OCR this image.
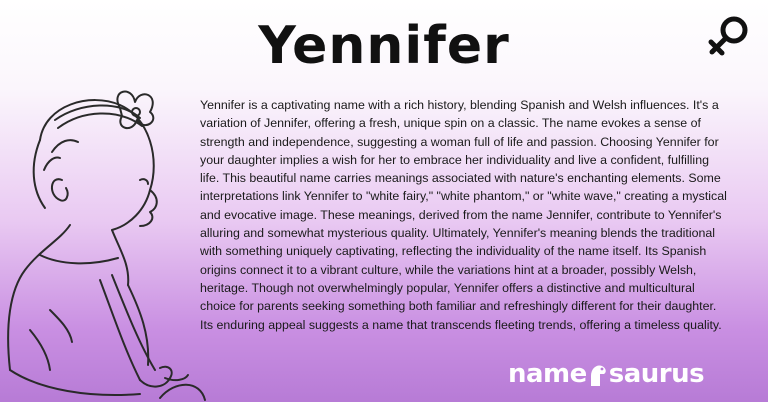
Yennifer

Yennifer is a captivating name with a rich history, blending Spanish and Welsh influences. It's a variation of Jennifer, offering a fresh, unique spin on a classic. The name evokes a sense of strength and independence, suggesting a woman full of life and passion. Choosing Yennifer for your daughter implies a wish for her to embrace her individuality and live a confident, fulfilling life. This beautiful name carries meanings associated with nature's enchanting elements. Some interpretations link Yennifer to "white fairy," "white phantom," or "white wave," creating a mystical and evocative image. These meanings, derived from the name Jennifer, contribute to Yennifer's alluring and somewhat mysterious quality. Ultimately, Yennifer's meaning blends the traditional with something uniquely captivating, reflecting the individuality of the name itself. Its Spanish origins connect it to a vibrant culture, while the variations hint at a broader, possibly Welsh, heritage. Though not overwhelmingly popular, Yennifer offers a distinctive and multicultural choice for parents seeking something both familiar and refreshingly different for their daughter. Its enduring appeal suggests a name that transcends fleeting trends, offering a timeless quality.

name saurus
